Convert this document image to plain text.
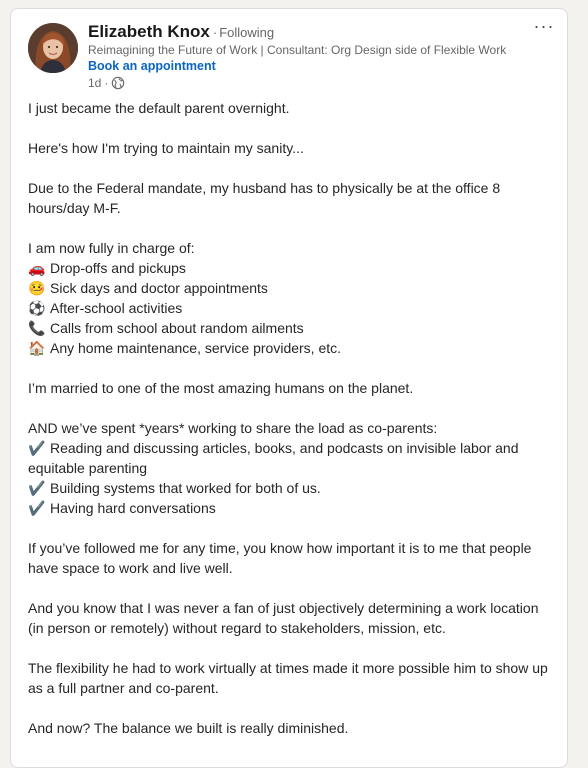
Elizabeth Knox · Following
Reimagining the Future of Work | Consultant: Org Design side of Flexible Work
Book an appointment
1d ·
···
I just became the default parent overnight.
Here's how I'm trying to maintain my sanity...
Due to the Federal mandate, my husband has to physically be at the office 8 hours/day M-F.
I am now fully in charge of:
🚗 Drop-offs and pickups
🤒 Sick days and doctor appointments
⚽ After-school activities
📞 Calls from school about random ailments
🏠 Any home maintenance, service providers, etc.
I’m married to one of the most amazing humans on the planet.
AND we’ve spent *years* working to share the load as co-parents:
✔️ Reading and discussing articles, books, and podcasts on invisible labor and equitable parenting
✔️ Building systems that worked for both of us.
✔️ Having hard conversations
If you’ve followed me for any time, you know how important it is to me that people have space to work and live well.
And you know that I was never a fan of just objectively determining a work location (in person or remotely) without regard to stakeholders, mission, etc.
The flexibility he had to work virtually at times made it more possible him to show up as a full partner and co-parent.
And now? The balance we built is really diminished.
